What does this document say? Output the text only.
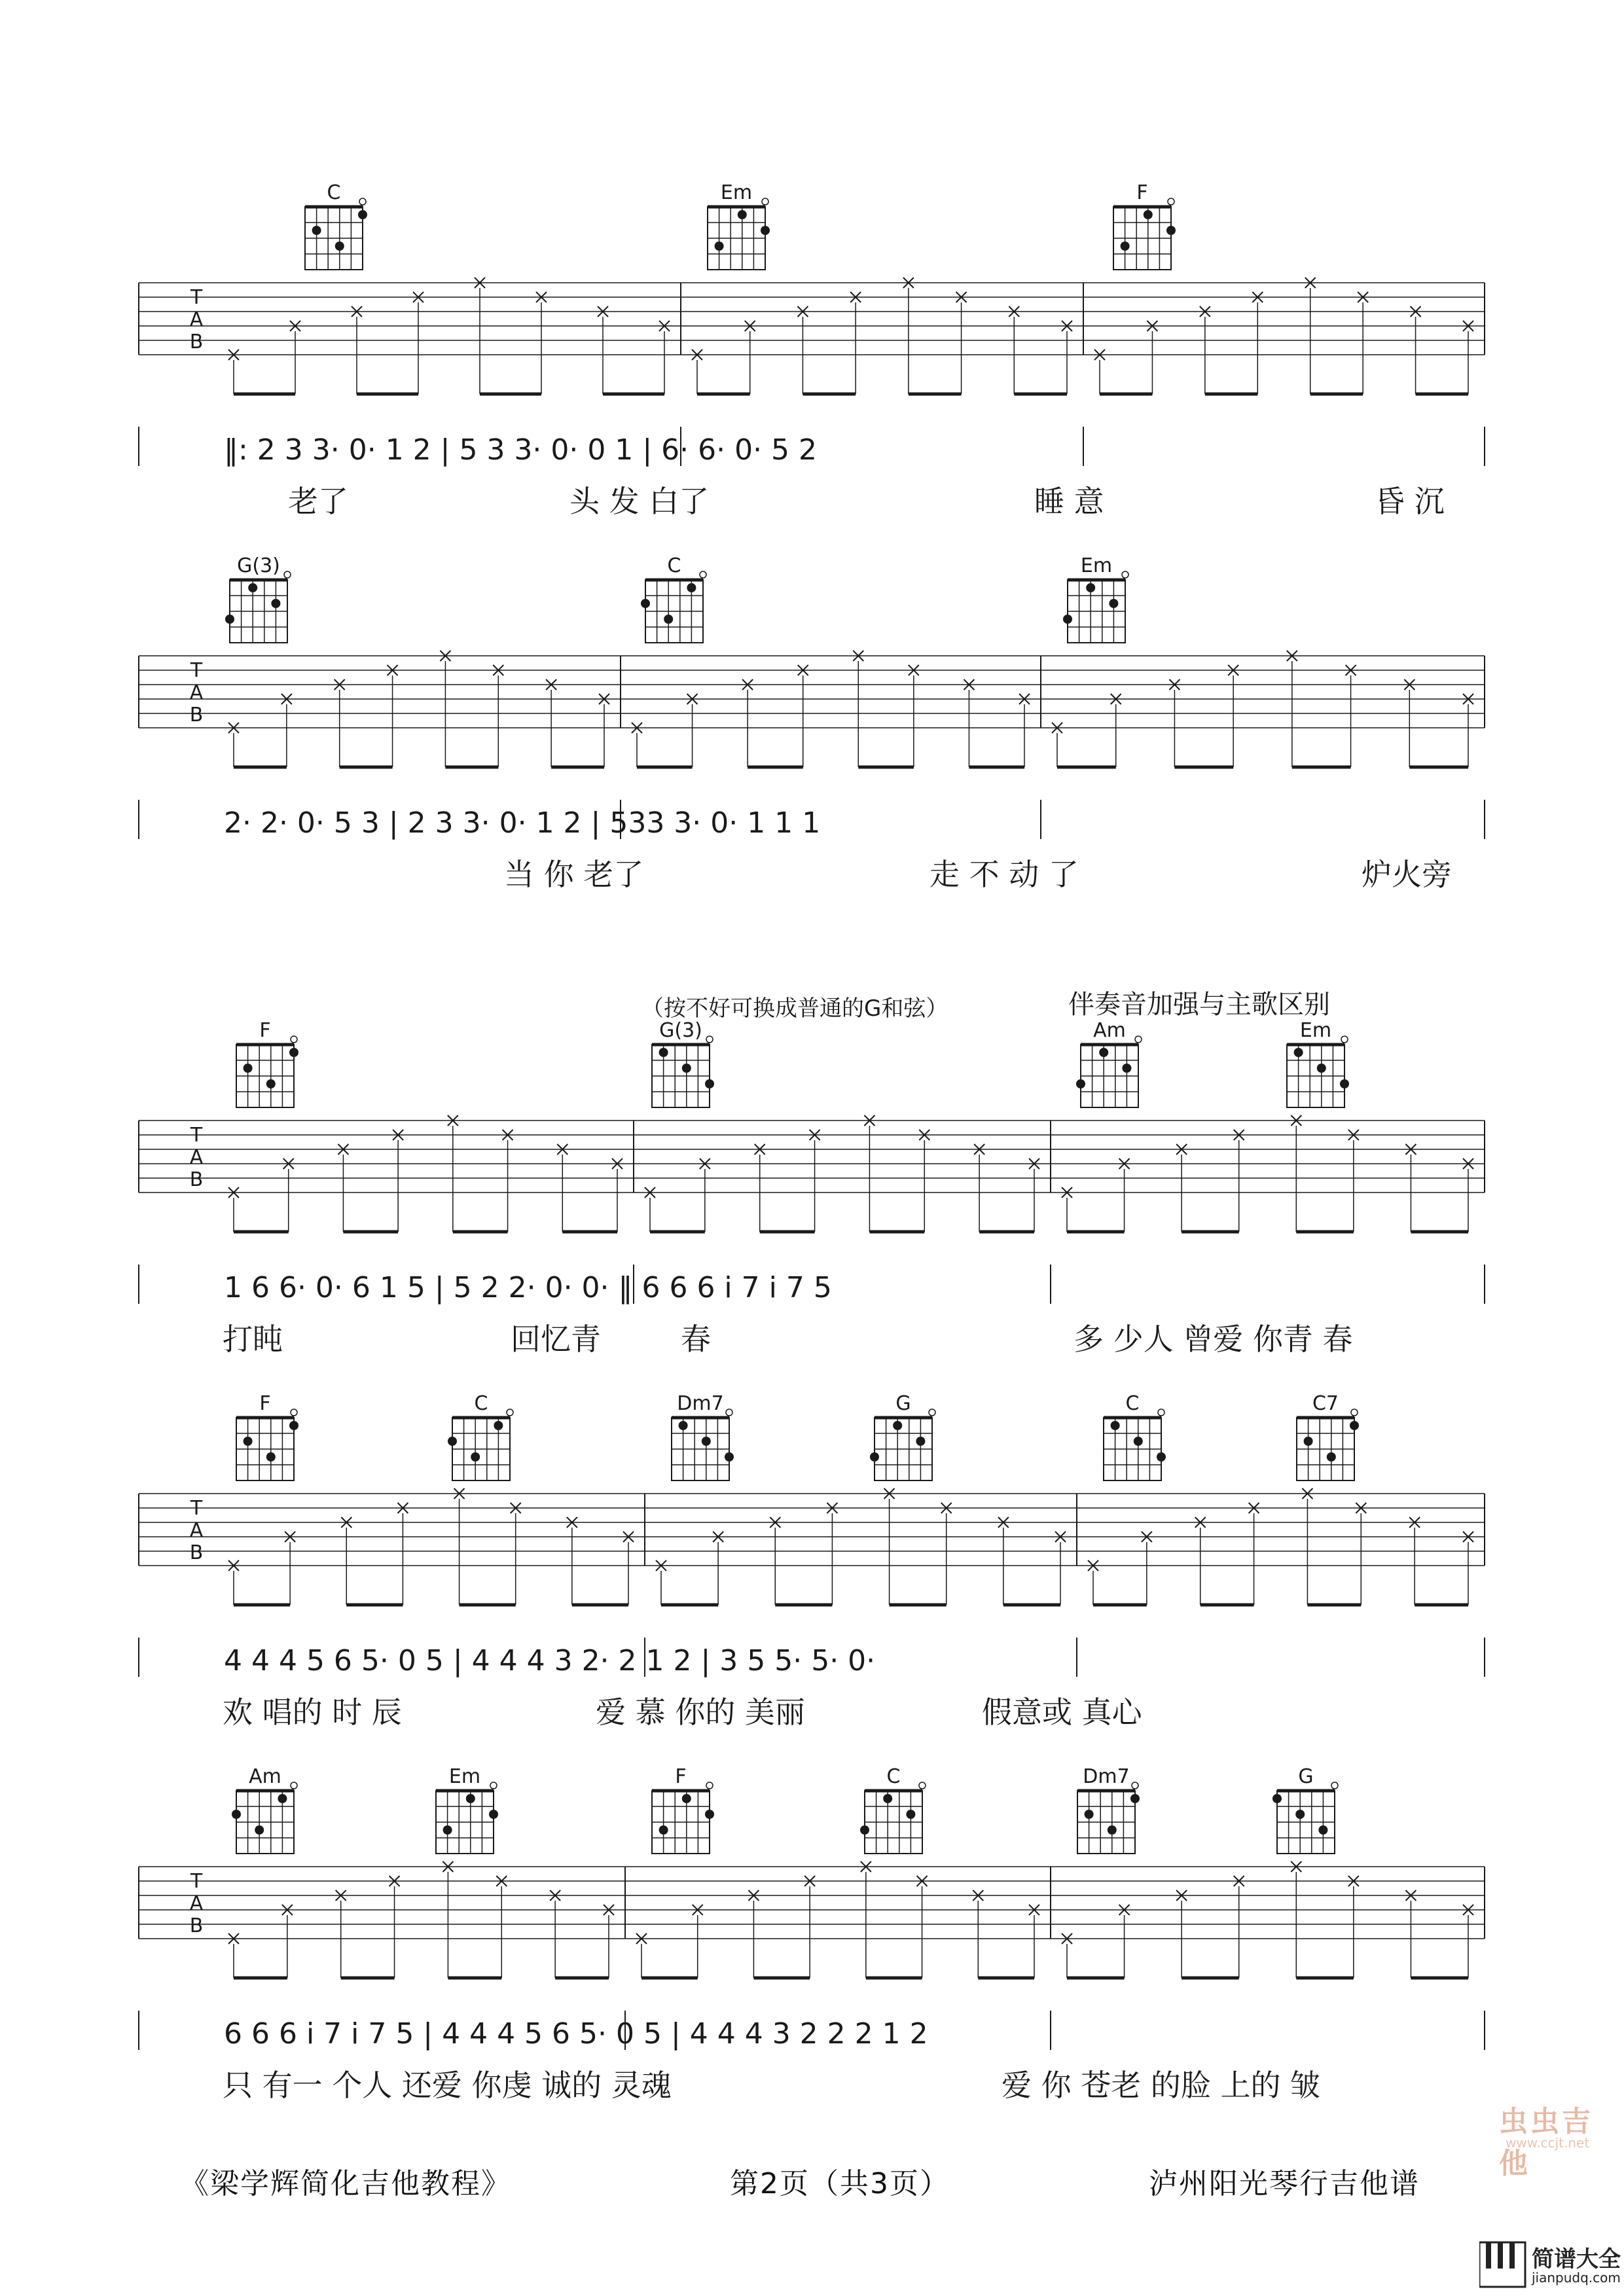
（按不好可换成普通的G和弦）	伴奏音加强与主歌区别
C	Em	F
T
A
B
‖: 2 3 3· 0· 1 2 | 5 3 3· 0· 0 1 | 6· 6· 0· 5 2
老了	头 发 白了	睡 意	昏 沉
G(3)	C	Em
T
A
B
2· 2· 0· 5 3 | 2 3 3· 0· 1 2 | 533 3· 0· 1 1 1
当 你 老了	走 不 动 了	炉火旁
F	G(3)	Am	Em
T
A
B
1 6 6· 0· 6 1 5 | 5 2 2· 0· 0· ‖ 6 6 6 i 7 i 7 5
打盹	回忆青	春	多 少人 曾爱 你青 春
F	C	Dm7	G	C	C7
T
A
B
4 4 4 5 6 5· 0 5 | 4 4 4 3 2· 2 1 2 | 3 5 5· 5· 0·
欢 唱的 时 辰	爱 慕 你的 美丽	假意或 真心
Am	Em	F	C	Dm7	G
T
A
B
6 6 6 i 7 i 7 5 | 4 4 4 5 6 5· 0 5 | 4 4 4 3 2 2 2 1 2
只 有一 个人 还爱 你虔 诚的 灵魂	爱 你 苍老 的脸 上的 皱
《梁学辉简化吉他教程》	第2页（共3页）	泸州阳光琴行吉他谱
虫虫吉他
www.ccjt.net
简谱大全
jianpudq.com
